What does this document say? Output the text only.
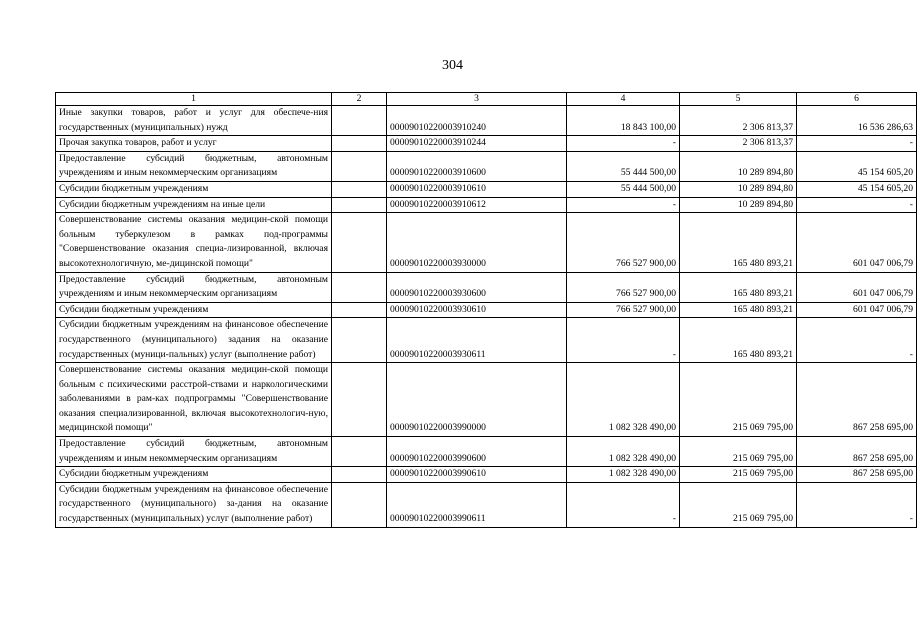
304
1	2	3	4	5	6
Иные закупки товаров, работ и услуг для обеспече-ния государственных (муниципальных) нужд		00009010220003910240	18 843 100,00	2 306 813,37	16 536 286,63
Прочая закупка товаров, работ и услуг		00009010220003910244	-	2 306 813,37	-
Предоставление субсидий бюджетным, автономным учреждениям и иным некоммерческим организациям		00009010220003910600	55 444 500,00	10 289 894,80	45 154 605,20
Субсидии бюджетным учреждениям		00009010220003910610	55 444 500,00	10 289 894,80	45 154 605,20
Субсидии бюджетным учреждениям на иные цели		00009010220003910612	-	10 289 894,80	-
Совершенствование системы оказания медицин-ской помощи больным туберкулезом в рамках под-программы "Совершенствование оказания специа-лизированной, включая высокотехнологичную, ме-дицинской помощи"		00009010220003930000	766 527 900,00	165 480 893,21	601 047 006,79
Предоставление субсидий бюджетным, автономным учреждениям и иным некоммерческим организациям		00009010220003930600	766 527 900,00	165 480 893,21	601 047 006,79
Субсидии бюджетным учреждениям		00009010220003930610	766 527 900,00	165 480 893,21	601 047 006,79
Субсидии бюджетным учреждениям на финансовое обеспечение государственного (муниципального) задания на оказание государственных (муници-пальных) услуг (выполнение работ)		00009010220003930611	-	165 480 893,21	-
Совершенствование системы оказания медицин-ской помощи больным с психическими расстрой-ствами и наркологическими заболеваниями в рам-ках подпрограммы "Совершенствование оказания специализированной, включая высокотехнологич-ную, медицинской помощи"		00009010220003990000	1 082 328 490,00	215 069 795,00	867 258 695,00
Предоставление субсидий бюджетным, автономным учреждениям и иным некоммерческим организациям		00009010220003990600	1 082 328 490,00	215 069 795,00	867 258 695,00
Субсидии бюджетным учреждениям		00009010220003990610	1 082 328 490,00	215 069 795,00	867 258 695,00
Субсидии бюджетным учреждениям на финансовое обеспечение государственного (муниципального) за-дания на оказание государственных (муниципальных) услуг (выполнение работ)		00009010220003990611	-	215 069 795,00	-
